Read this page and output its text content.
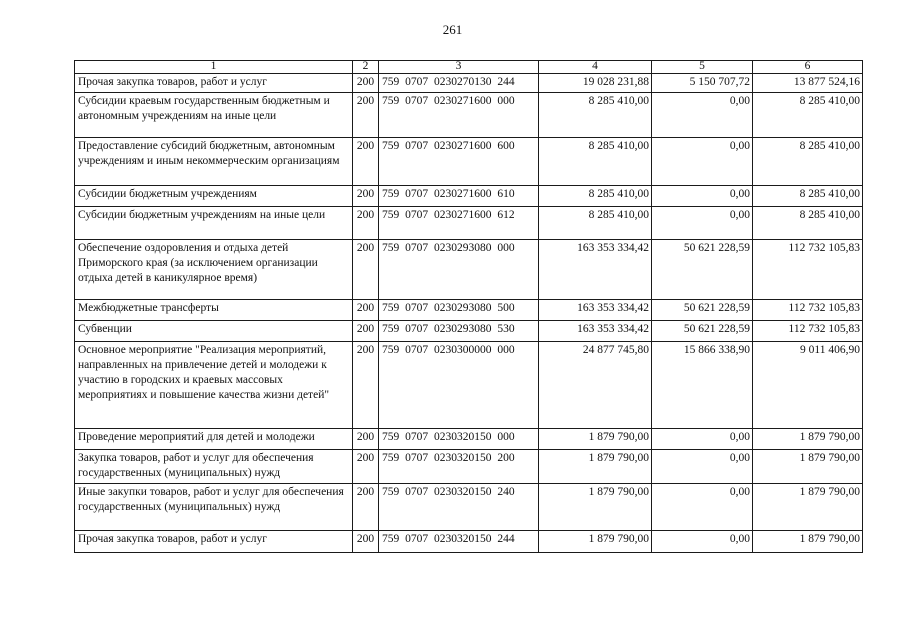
261
1	2	3	4	5	6
Прочая закупка товаров, работ и услуг	200	759 0707 0230270130 244	19 028 231,88	5 150 707,72	13 877 524,16
Субсидии краевым государственным бюджетным и автономным учреждениям на иные цели	200	759 0707 0230271600 000	8 285 410,00	0,00	8 285 410,00
Предоставление субсидий бюджетным, автономным учреждениям и иным некоммерческим организациям	200	759 0707 0230271600 600	8 285 410,00	0,00	8 285 410,00
Субсидии бюджетным учреждениям	200	759 0707 0230271600 610	8 285 410,00	0,00	8 285 410,00
Субсидии бюджетным учреждениям на иные цели	200	759 0707 0230271600 612	8 285 410,00	0,00	8 285 410,00
Обеспечение оздоровления и отдыха детей Приморского края (за исключением организации отдыха детей в каникулярное время)	200	759 0707 0230293080 000	163 353 334,42	50 621 228,59	112 732 105,83
Межбюджетные трансферты	200	759 0707 0230293080 500	163 353 334,42	50 621 228,59	112 732 105,83
Субвенции	200	759 0707 0230293080 530	163 353 334,42	50 621 228,59	112 732 105,83
Основное мероприятие "Реализация мероприятий, направленных на привлечение детей и молодежи к участию в городских и краевых массовых мероприятиях и повышение качества жизни детей"	200	759 0707 0230300000 000	24 877 745,80	15 866 338,90	9 011 406,90
Проведение мероприятий для детей и молодежи	200	759 0707 0230320150 000	1 879 790,00	0,00	1 879 790,00
Закупка товаров, работ и услуг для обеспечения государственных (муниципальных) нужд	200	759 0707 0230320150 200	1 879 790,00	0,00	1 879 790,00
Иные закупки товаров, работ и услуг для обеспечения государственных (муниципальных) нужд	200	759 0707 0230320150 240	1 879 790,00	0,00	1 879 790,00
Прочая закупка товаров, работ и услуг	200	759 0707 0230320150 244	1 879 790,00	0,00	1 879 790,00
